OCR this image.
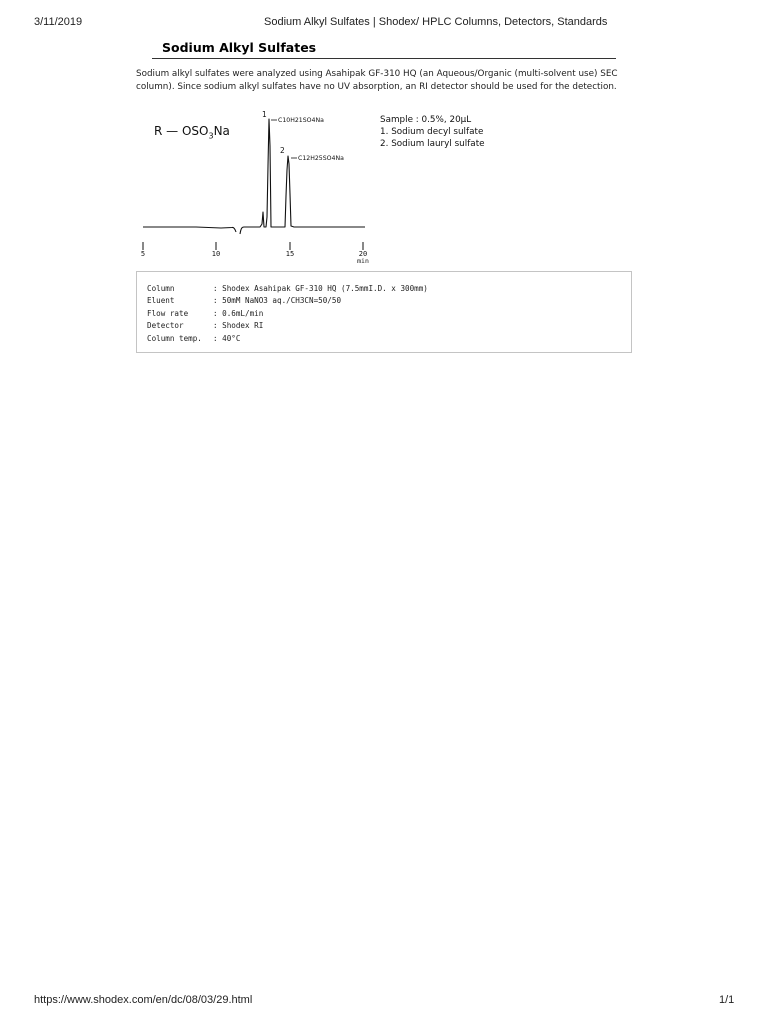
3/11/2019	Sodium Alkyl Sulfates | Shodex/ HPLC Columns, Detectors, Standards
Sodium Alkyl Sulfates
Sodium alkyl sulfates were analyzed using Asahipak GF-310 HQ (an Aqueous/Organic (multi-solvent use) SEC column). Since sodium alkyl sulfates have no UV absorption, an RI detector should be used for the detection.
R — $OSO_3Na$
Sample : 0.5%, 20μL
1. Sodium decyl sulfate
2. Sodium lauryl sulfate
5	10	15	20
min
1
C10H21SO4Na
2
C12H25SO4Na
Column	: Shodex Asahipak GF-310 HQ (7.5mmI.D. x 300mm)
Eluent	: 50mM NaNO3 aq./CH3CN=50/50
Flow rate	: 0.6mL/min
Detector	: Shodex RI
Column temp. : 40°C
https://www.shodex.com/en/dc/08/03/29.html	1/1
